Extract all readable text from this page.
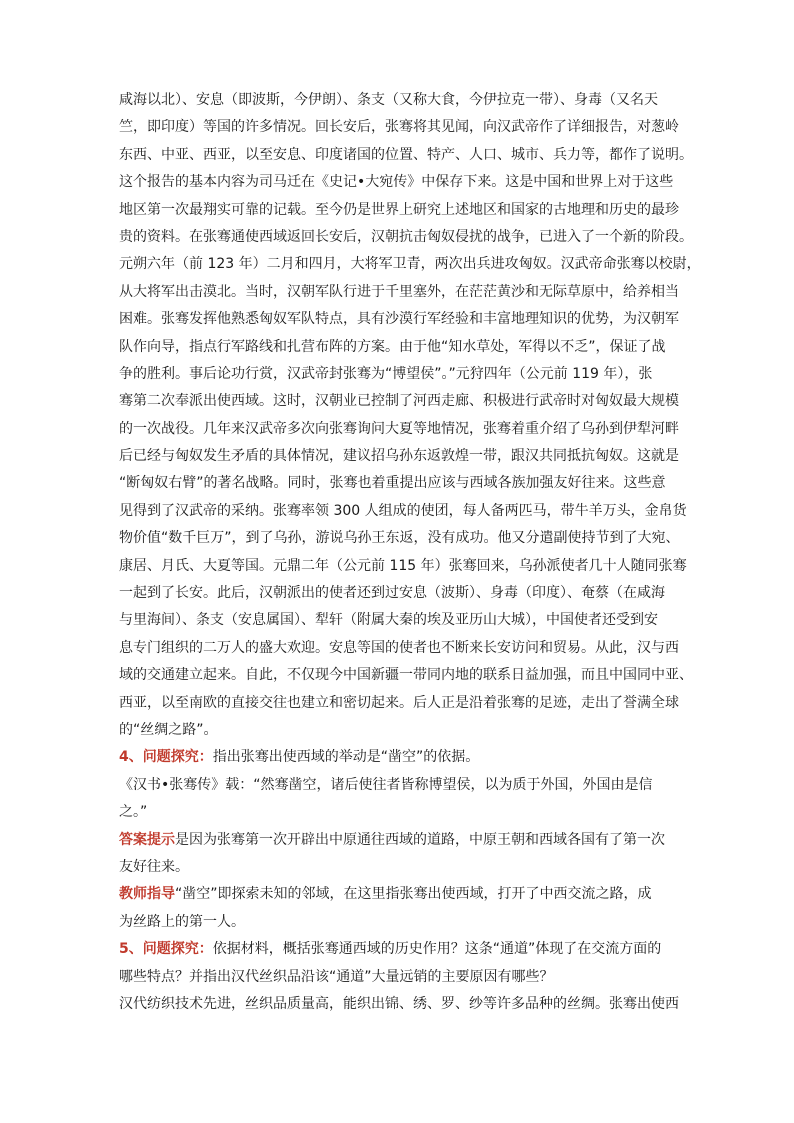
咸海以北）、安息（即波斯，今伊朗）、条支（又称大食，今伊拉克一带）、身毒（又名天
竺，即印度）等国的许多情况。回长安后，张骞将其见闻，向汉武帝作了详细报告，对葱岭
东西、中亚、西亚，以至安息、印度诸国的位置、特产、人口、城市、兵力等，都作了说明。
这个报告的基本内容为司马迁在《史记•大宛传》中保存下来。这是中国和世界上对于这些
地区第一次最翔实可靠的记载。至今仍是世界上研究上述地区和国家的古地理和历史的最珍
贵的资料。在张骞通使西域返回长安后，汉朝抗击匈奴侵扰的战争，已进入了一个新的阶段。
元朔六年（前 123 年）二月和四月，大将军卫青，两次出兵进攻匈奴。汉武帝命张骞以校尉，
从大将军出击漠北。当时，汉朝军队行进于千里塞外，在茫茫黄沙和无际草原中，给养相当
困难。张骞发挥他熟悉匈奴军队特点，具有沙漠行军经验和丰富地理知识的优势，为汉朝军
队作向导，指点行军路线和扎营布阵的方案。由于他“知水草处，军得以不乏”，保证了战
争的胜利。事后论功行赏，汉武帝封张骞为“博望侯”。”元狩四年（公元前 119 年），张
骞第二次奉派出使西域。这时，汉朝业已控制了河西走廊、积极进行武帝时对匈奴最大规模
的一次战役。几年来汉武帝多次向张骞询问大夏等地情况，张骞着重介绍了乌孙到伊犁河畔
后已经与匈奴发生矛盾的具体情况，建议招乌孙东返敦煌一带，跟汉共同抵抗匈奴。这就是
“断匈奴右臂”的著名战略。同时，张骞也着重提出应该与西域各族加强友好往来。这些意
见得到了汉武帝的采纳。张骞率领 300 人组成的使团，每人备两匹马，带牛羊万头，金帛货
物价值“数千巨万”，到了乌孙，游说乌孙王东返，没有成功。他又分遣副使持节到了大宛、
康居、月氏、大夏等国。元鼎二年（公元前 115 年）张骞回来，乌孙派使者几十人随同张骞
一起到了长安。此后，汉朝派出的使者还到过安息（波斯）、身毒（印度）、奄蔡（在咸海
与里海间）、条支（安息属国）、犁轩（附属大秦的埃及亚历山大城），中国使者还受到安
息专门组织的二万人的盛大欢迎。安息等国的使者也不断来长安访问和贸易。从此，汉与西
域的交通建立起来。自此，不仅现今中国新疆一带同内地的联系日益加强，而且中国同中亚、
西亚，以至南欧的直接交往也建立和密切起来。后人正是沿着张骞的足迹，走出了誉满全球
的“丝绸之路”。
4、问题探究：指出张骞出使西域的举动是“凿空”的依据。
《汉书•张骞传》载：“然骞凿空，诸后使往者皆称博望侯，以为质于外国，外国由是信
之。”
答案提示是因为张骞第一次开辟出中原通往西域的道路，中原王朝和西域各国有了第一次
友好往来。
教师指导“凿空”即探索未知的邻域，在这里指张骞出使西域，打开了中西交流之路，成
为丝路上的第一人。
5、问题探究：依据材料，概括张骞通西域的历史作用？这条“通道”体现了在交流方面的
哪些特点？并指出汉代丝织品沿该“通道”大量远销的主要原因有哪些？
汉代纺织技术先进，丝织品质量高，能织出锦、绣、罗、纱等许多品种的丝绸。张骞出使西
